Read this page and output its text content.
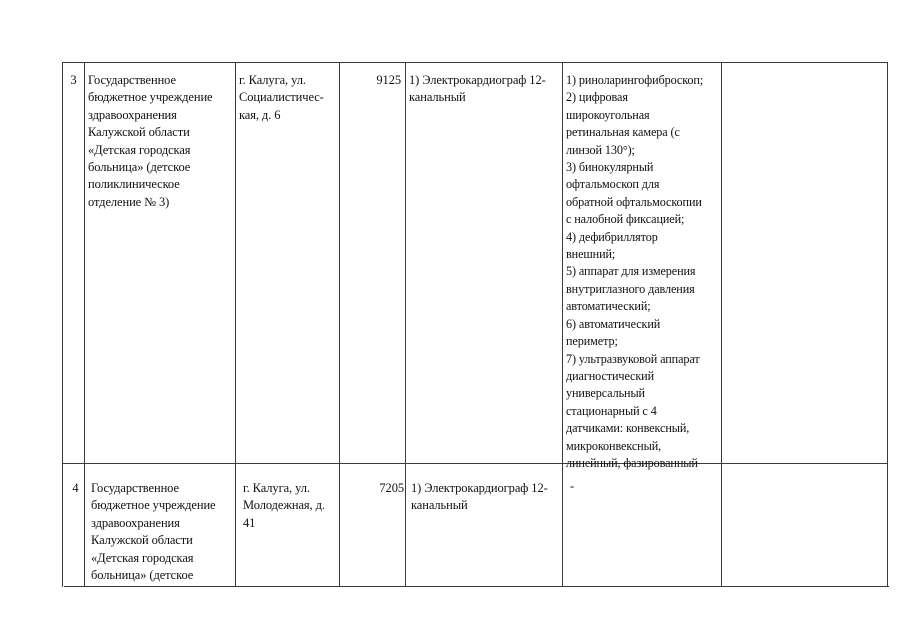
3 Государственное
бюджетное учреждение
здравоохранения
Калужской области
«Детская городская
больница» (детское
поликлиническое
отделение № 3)
г. Калуга, ул.
Социалистичес-
кая, д. 6
9125 1) Электрокардиограф 12-
канальный
1) риноларингофиброскоп;
2) цифровая
широкоугольная
ретинальная камера (с
линзой 130°);
3) бинокулярный
офтальмоскоп для
обратной офтальмоскопии
с налобной фиксацией;
4) дефибриллятор
внешний;
5) аппарат для измерения
внутриглазного давления
автоматический;
6) автоматический
периметр;
7) ультразвуковой аппарат
диагностический
универсальный
стационарный с 4
датчиками: конвексный,
микроконвексный,
линейный, фазированный
4 Государственное
бюджетное учреждение
здравоохранения
Калужской области
«Детская городская
больница» (детское
г. Калуга, ул.
Молодежная, д.
41
7205 1) Электрокардиограф 12-
канальный
-
